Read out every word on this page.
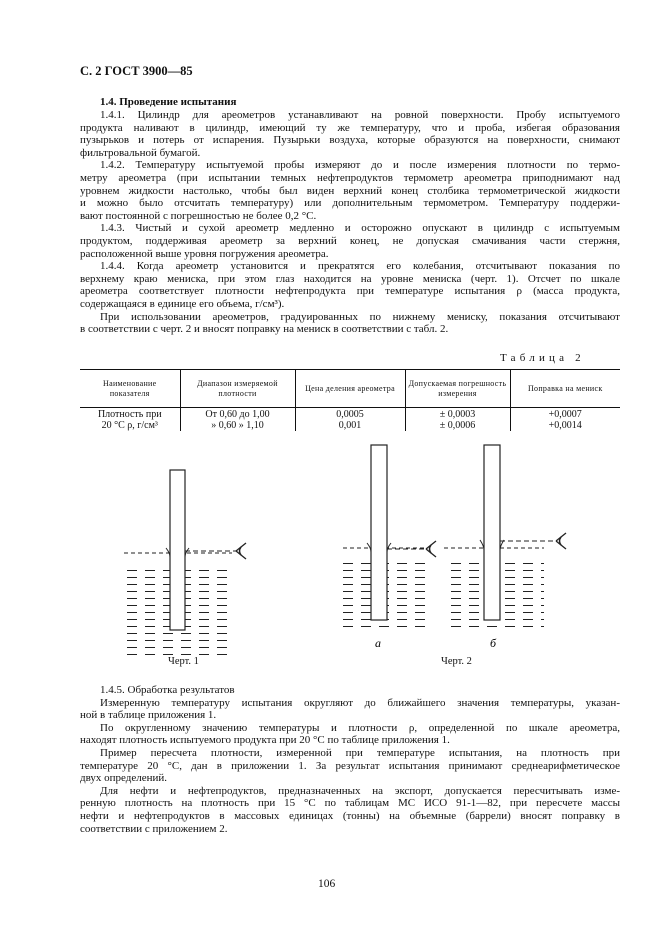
С. 2 ГОСТ 3900—85
1.4. Проведение испытания
1.4.1. Цилиндр для ареометров устанавливают на ровной поверхности. Пробу испытуемого
продукта наливают в цилиндр, имеющий ту же температуру, что и проба, избегая образования
пузырьков и потерь от испарения. Пузырьки воздуха, которые образуются на поверхности, снимают
фильтровальной бумагой.
1.4.2. Температуру испытуемой пробы измеряют до и после измерения плотности по термо-
метру ареометра (при испытании темных нефтепродуктов термометр ареометра приподнимают над
уровнем жидкости настолько, чтобы был виден верхний конец столбика термометрической жидкости
и можно было отсчитать температуру) или дополнительным термометром. Температуру поддержи-
вают постоянной с погрешностью не более 0,2 °С.
1.4.3. Чистый и сухой ареометр медленно и осторожно опускают в цилиндр с испытуемым
продуктом, поддерживая ареометр за верхний конец, не допуская смачивания части стержня,
расположенной выше уровня погружения ареометра.
1.4.4. Когда ареометр установится и прекратятся его колебания, отсчитывают показания по
верхнему краю мениска, при этом глаз находится на уровне мениска (черт. 1). Отсчет по шкале
ареометра соответствует плотности нефтепродукта при температуре испытания ρ (масса продукта,
содержащаяся в единице его объема, г/см³).
При использовании ареометров, градуированных по нижнему мениску, показания отсчитывают
в соответствии с черт. 2 и вносят поправку на мениск в соответствии с табл. 2.
Таблица 2
Наименование показателя	Диапазон измеряемой плотности	Цена деления ареометра	Допускаемая погрешность измерения	Поправка на мениск
Плотность при	От 0,60 до 1,00	0,0005	± 0,0003	+0,0007
20 °С ρ, г/см³	» 0,60 » 1,10	0,001	± 0,0006	+0,0014
а	б
Черт. 1	Черт. 2
1.4.5. Обработка результатов
Измеренную температуру испытания округляют до ближайшего значения температуры, указан-
ной в таблице приложения 1.
По округленному значению температуры и плотности ρ, определенной по шкале ареометра,
находят плотность испытуемого продукта при 20 °С по таблице приложения 1.
Пример пересчета плотности, измеренной при температуре испытания, на плотность при
температуре 20 °С, дан в приложении 1. За результат испытания принимают среднеарифметическое
двух определений.
Для нефти и нефтепродуктов, предназначенных на экспорт, допускается пересчитывать изме-
ренную плотность на плотность при 15 °С по таблицам МС ИСО 91-1—82, при пересчете массы
нефти и нефтепродуктов в массовых единицах (тонны) на объемные (баррели) вносят поправку в
соответствии с приложением 2.
106
